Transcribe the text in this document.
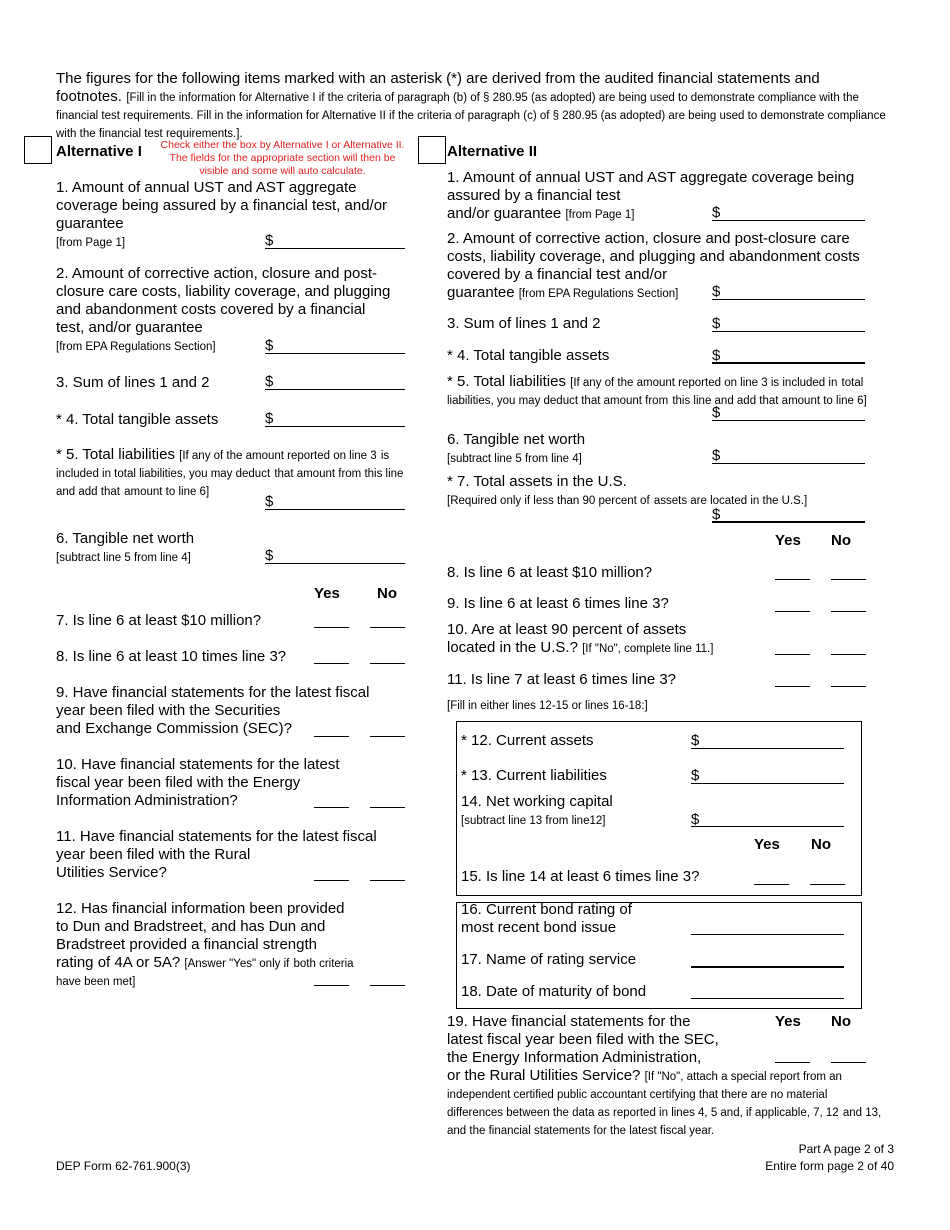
The figures for the following items marked with an asterisk (*) are derived from the audited financial statements and footnotes. [Fill in the information for Alternative I if the criteria of paragraph (b) of § 280.95 (as adopted) are being used to demonstrate compliance with the financial test requirements. Fill in the information for Alternative II if the criteria of paragraph (c) of § 280.95 (as adopted) are being used to demonstrate compliance with the financial test requirements.].
Alternative I	Check either the box by Alternative I or Alternative II.
The fields for the appropriate section will then be
visible and some will auto calculate.
1. Amount of annual UST and AST aggregate
coverage being assured by a financial test, and/or
guarantee
[from Page 1]	$
2. Amount of corrective action, closure and post-
closure care costs, liability coverage, and plugging
and abandonment costs covered by a financial
test, and/or guarantee
[from EPA Regulations Section]	$
3. Sum of lines 1 and 2	$
* 4. Total tangible assets	$
* 5. Total liabilities [If any of the amount reported on line 3 is included in total liabilities, you may deduct that amount from this line and add that amount to line 6]
$
6. Tangible net worth
[subtract line 5 from line 4]	$
Yes No
7. Is line 6 at least $10 million?
8. Is line 6 at least 10 times line 3?
9. Have financial statements for the latest fiscal
year been filed with the Securities
and Exchange Commission (SEC)?
10. Have financial statements for the latest
fiscal year been filed with the Energy
Information Administration?
11. Have financial statements for the latest fiscal
year been filed with the Rural
Utilities Service?
12. Has financial information been provided
to Dun and Bradstreet, and has Dun and
Bradstreet provided a financial strength
rating of 4A or 5A? [Answer "Yes" only if both criteria have been met]
Alternative II
1. Amount of annual UST and AST aggregate coverage being
assured by a financial test
and/or guarantee [from Page 1]	$
2. Amount of corrective action, closure and post-closure care
costs, liability coverage, and plugging and abandonment costs
covered by a financial test and/or
guarantee [from EPA Regulations Section]	$
3. Sum of lines 1 and 2	$
* 4. Total tangible assets	$
* 5. Total liabilities [If any of the amount reported on line 3 is included in total liabilities, you may deduct that amount from this line and add that amount to line 6]
$
6. Tangible net worth
[subtract line 5 from line 4]	$
* 7. Total assets in the U.S.
[Required only if less than 90 percent of assets are located in the U.S.]
$
Yes No
8. Is line 6 at least $10 million?
9. Is line 6 at least 6 times line 3?
10. Are at least 90 percent of assets
located in the U.S.? [If "No", complete line 11.]
11. Is line 7 at least 6 times line 3?
[Fill in either lines 12-15 or lines 16-18:]
* 12. Current assets	$
* 13. Current liabilities	$
14. Net working capital
[subtract line 13 from line12]	$
Yes No
15. Is line 14 at least 6 times line 3?
16. Current bond rating of
most recent bond issue
17. Name of rating service
18. Date of maturity of bond
Yes No
19. Have financial statements for the
latest fiscal year been filed with the SEC,
the Energy Information Administration,
or the Rural Utilities Service? [If "No", attach a special report from an independent certified public accountant certifying that there are no material differences between the data as reported in lines 4, 5 and, if applicable, 7, 12 and 13, and the financial statements for the latest fiscal year.
DEP Form 62-761.900(3)
Part A page 2 of 3
Entire form page 2 of 40
